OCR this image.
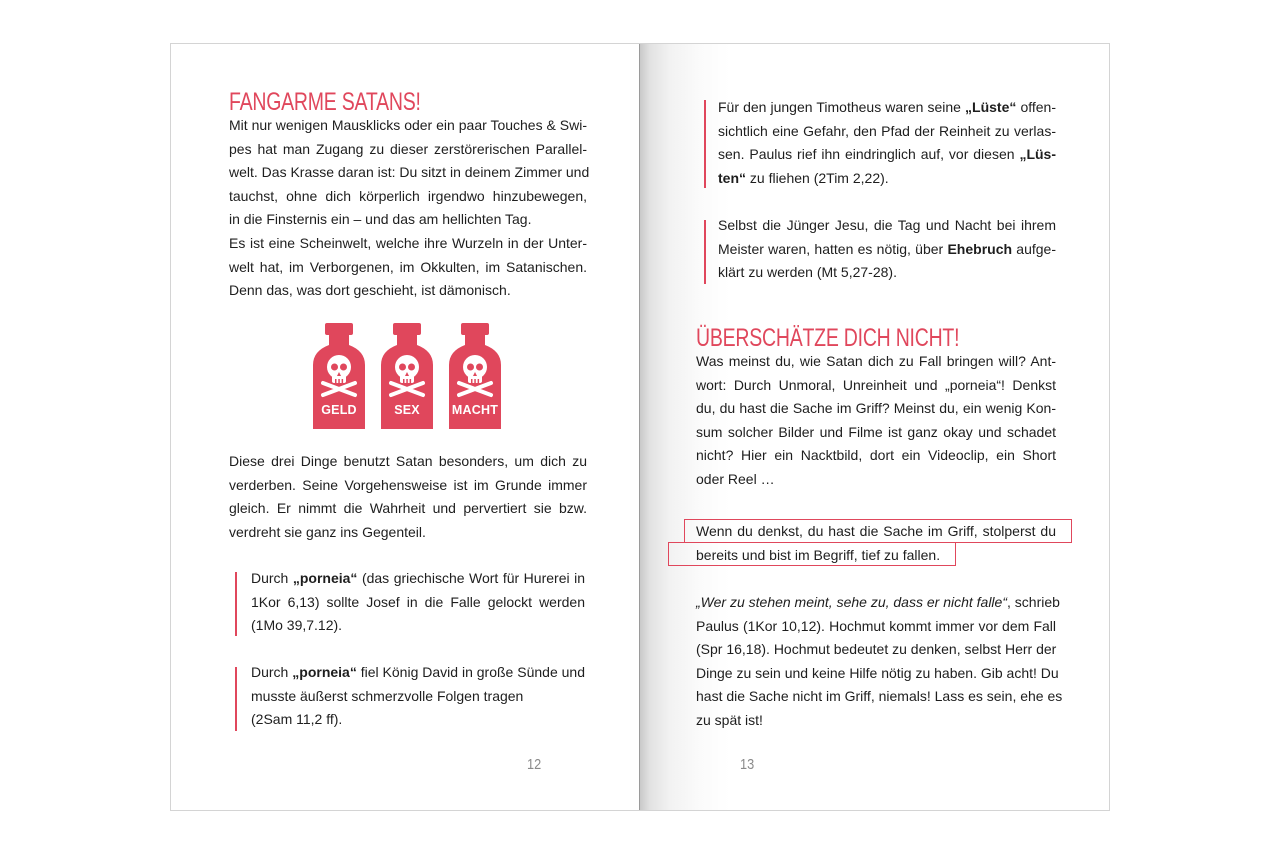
FANGARME SATANS!
Mit nur wenigen Mausklicks oder ein paar Touches & Swi-
pes hat man Zugang zu dieser zerstörerischen Parallel-
welt. Das Krasse daran ist: Du sitzt in deinem Zimmer und
tauchst, ohne dich körperlich irgendwo hinzubewegen,
in die Finsternis ein – und das am hellichten Tag.
Es ist eine Scheinwelt, welche ihre Wurzeln in der Unter-
welt hat, im Verborgenen, im Okkulten, im Satanischen.
Denn das, was dort geschieht, ist dämonisch.
GELD	SEX	MACHT
Diese drei Dinge benutzt Satan besonders, um dich zu
verderben. Seine Vorgehensweise ist im Grunde immer
gleich. Er nimmt die Wahrheit und pervertiert sie bzw.
verdreht sie ganz ins Gegenteil.
Durch „porneia“ (das griechische Wort für Hurerei in
1Kor 6,13) sollte Josef in die Falle gelockt werden
(1Mo 39,7.12).
Durch „porneia“ fiel König David in große Sünde und
musste äußerst schmerzvolle Folgen tragen
(2Sam 11,2 ff).
12
Für den jungen Timotheus waren seine „Lüste“ offen-
sichtlich eine Gefahr, den Pfad der Reinheit zu verlas-
sen. Paulus rief ihn eindringlich auf, vor diesen „Lüs-
ten“ zu fliehen (2Tim 2,22).
Selbst die Jünger Jesu, die Tag und Nacht bei ihrem
Meister waren, hatten es nötig, über Ehebruch aufge-
klärt zu werden (Mt 5,27-28).
ÜBERSCHÄTZE DICH NICHT!
Was meinst du, wie Satan dich zu Fall bringen will? Ant-
wort: Durch Unmoral, Unreinheit und „porneia“! Denkst
du, du hast die Sache im Griff? Meinst du, ein wenig Kon-
sum solcher Bilder und Filme ist ganz okay und schadet
nicht? Hier ein Nacktbild, dort ein Videoclip, ein Short
oder Reel …
Wenn du denkst, du hast die Sache im Griff, stolperst du
bereits und bist im Begriff, tief zu fallen.
„Wer zu stehen meint, sehe zu, dass er nicht falle“, schrieb
Paulus (1Kor 10,12). Hochmut kommt immer vor dem Fall
(Spr 16,18). Hochmut bedeutet zu denken, selbst Herr der
Dinge zu sein und keine Hilfe nötig zu haben. Gib acht! Du
hast die Sache nicht im Griff, niemals! Lass es sein, ehe es
zu spät ist!
13
